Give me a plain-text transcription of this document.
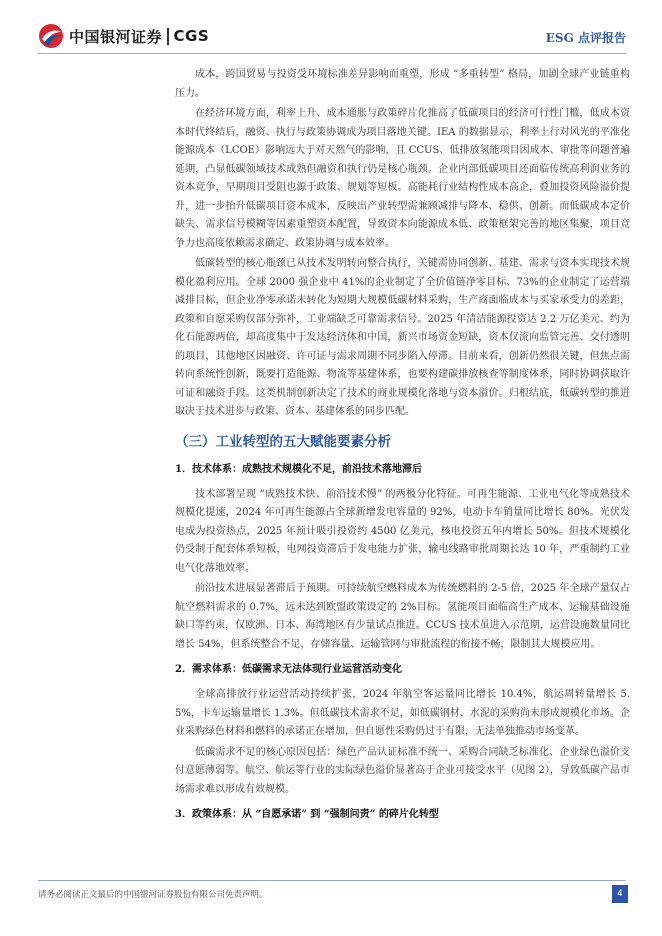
中国银河证券 CGS	ESG 点评报告

成本，跨国贸易与投资受环境标准差异影响而重塑，形成 “多重转型” 格局，加剧全球产业链重构压力。

在经济环境方面，利率上升、成本通胀与政策碎片化推高了低碳项目的经济可行性门槛，低成本资本时代终结后，融资、执行与政策协调成为项目落地关键。IEA 的数据显示，利率上行对风光的平准化能源成本（LCOE）影响远大于对天然气的影响，且 CCUS、低排放氢能项目因成本、审批等问题普遍延期，凸显低碳领域技术成熟但融资和执行仍是核心瓶颈。企业内部低碳项目还面临传统高利润业务的资本竞争，早期项目受阻也源于政策、规划等短板。高能耗行业结构性成本高企，叠加投资风险溢价提升，进一步抬升低碳项目资本成本，反映出产业转型需兼顾减排与降本、稳供、创新。而低碳成本定价缺失、需求信号模糊等因素重塑资本配置，导致资本向能源成本低、政策框架完善的地区集聚，项目竞争力也高度依赖需求确定、政策协调与成本效率。

低碳转型的核心瓶颈已从技术发明转向整合执行，关键需协同创新、基建、需求与资本实现技术规模化盈利应用。全球 2000 强企业中 41%的企业制定了全价值链净零目标、73%的企业制定了运营端减排目标，但企业净零承诺未转化为短期大规模低碳材料采购，生产商面临成本与买家承受力的差距，政策和自愿采购仅部分弥补，工业端缺乏可靠需求信号。2025 年清洁能源投资达 2.2 万亿美元、约为化石能源两倍，却高度集中于发达经济体和中国，新兴市场资金短缺，资本仅流向监管完善、交付透明的项目，其他地区因融资、许可证与需求周期不同步陷入停滞。目前来看，创新仍然很关键，但焦点需转向系统性创新，既要打造能源、物流等基建体系，也要构建碳排放核查等制度体系，同时协调获取许可证和融资手段。这类机制创新决定了技术的商业规模化落地与资本溢价。归根结底，低碳转型的推进取决于技术进步与政策、资本、基建体系的同步匹配。

（三）工业转型的五大赋能要素分析
1．技术体系：成熟技术规模化不足，前沿技术落地滞后

技术部署呈现 “成熟技术快、前沿技术慢” 的两极分化特征。可再生能源、工业电气化等成熟技术规模化提速，2024 年可再生能源占全球新增发电容量的 92%，电动卡车销量同比增长 80%。光伏发电成为投资热点，2025 年预计吸引投资约 4500 亿美元，核电投资五年内增长 50%。但技术规模化仍受制于配套体系短板，电网投资滞后于发电能力扩张，输电线路审批周期长达 10 年，严重制约工业电气化落地效率。

前沿技术进展显著滞后于预期。可持续航空燃料成本为传统燃料的 2-5 倍，2025 年全球产量仅占航空燃料需求的 0.7%，远未达到欧盟政策设定的 2%目标。氢能项目面临高生产成本、运输基础设施缺口等约束，仅欧洲、日本、海湾地区有少量试点推进。CCUS 技术虽进入示范期，运营设施数量同比增长 54%，但系统整合不足，存储容量、运输管网与审批流程的衔接不畅，限制其大规模应用。

2．需求体系：低碳需求无法体现行业运营活动变化

全球高排放行业运营活动持续扩张，2024 年航空客运量同比增长 10.4%，航运周转量增长 5.5%，卡车运输量增长 1.3%。但低碳技术需求不足，如低碳钢材、水泥的采购尚未形成规模化市场。企业采购绿色材料和燃料的承诺正在增加，但自愿性采购仍过于有限，无法单独推动市场变革。

低碳需求不足的核心原因包括：绿色产品认证标准不统一、采购合同缺乏标准化、企业绿色溢价支付意愿薄弱等。航空、航运等行业的实际绿色溢价显著高于企业可接受水平（见图 2），导致低碳产品市场需求难以形成有效规模。

3．政策体系：从 “自愿承诺” 到 “强制问责” 的碎片化转型
请务必阅读正文最后的中国银河证券股份有限公司免责声明。	4
